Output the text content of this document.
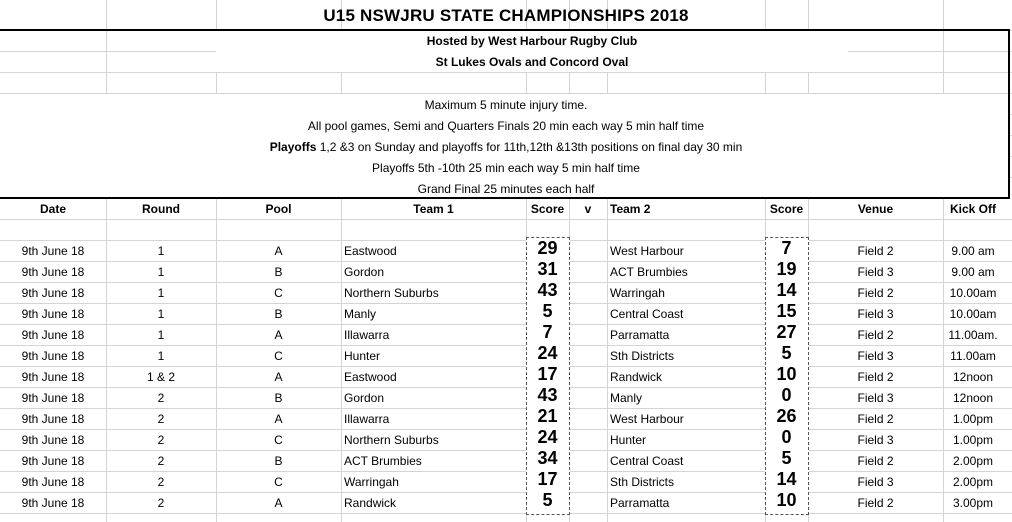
U15 NSWJRU STATE CHAMPIONSHIPS 2018
Hosted by West Harbour Rugby Club
St Lukes Ovals and Concord Oval
Maximum 5 minute injury time.
All pool games, Semi and Quarters Finals 20 min each way 5 min half time
Playoffs 1,2 &3 on Sunday and playoffs for 11th,12th &13th positions on final day 30 min
Playoffs 5th -10th 25 min each way 5 min half time
Grand Final 25 minutes each half
Date	Round	Pool	Team 1	Score	v	Team 2	Score	Venue	Kick Off
9th June 18	1	A	Eastwood	29	West Harbour	7	Field 2	9.00 am
9th June 18	1	B	Gordon	31	ACT Brumbies	19	Field 3	9.00 am
9th June 18	1	C	Northern Suburbs	43	Warringah	14	Field 2	10.00am
9th June 18	1	B	Manly	5	Central Coast	15	Field 3	10.00am
9th June 18	1	A	Illawarra	7	Parramatta	27	Field 2	11.00am.
9th June 18	1	C	Hunter	24	Sth Districts	5	Field 3	11.00am
9th June 18	1 & 2	A	Eastwood	17	Randwick	10	Field 2	12noon
9th June 18	2	B	Gordon	43	Manly	0	Field 3	12noon
9th June 18	2	A	Illawarra	21	West Harbour	26	Field 2	1.00pm
9th June 18	2	C	Northern Suburbs	24	Hunter	0	Field 3	1.00pm
9th June 18	2	B	ACT Brumbies	34	Central Coast	5	Field 2	2.00pm
9th June 18	2	C	Warringah	17	Sth Districts	14	Field 3	2.00pm
9th June 18	2	A	Randwick	5	Parramatta	10	Field 2	3.00pm
